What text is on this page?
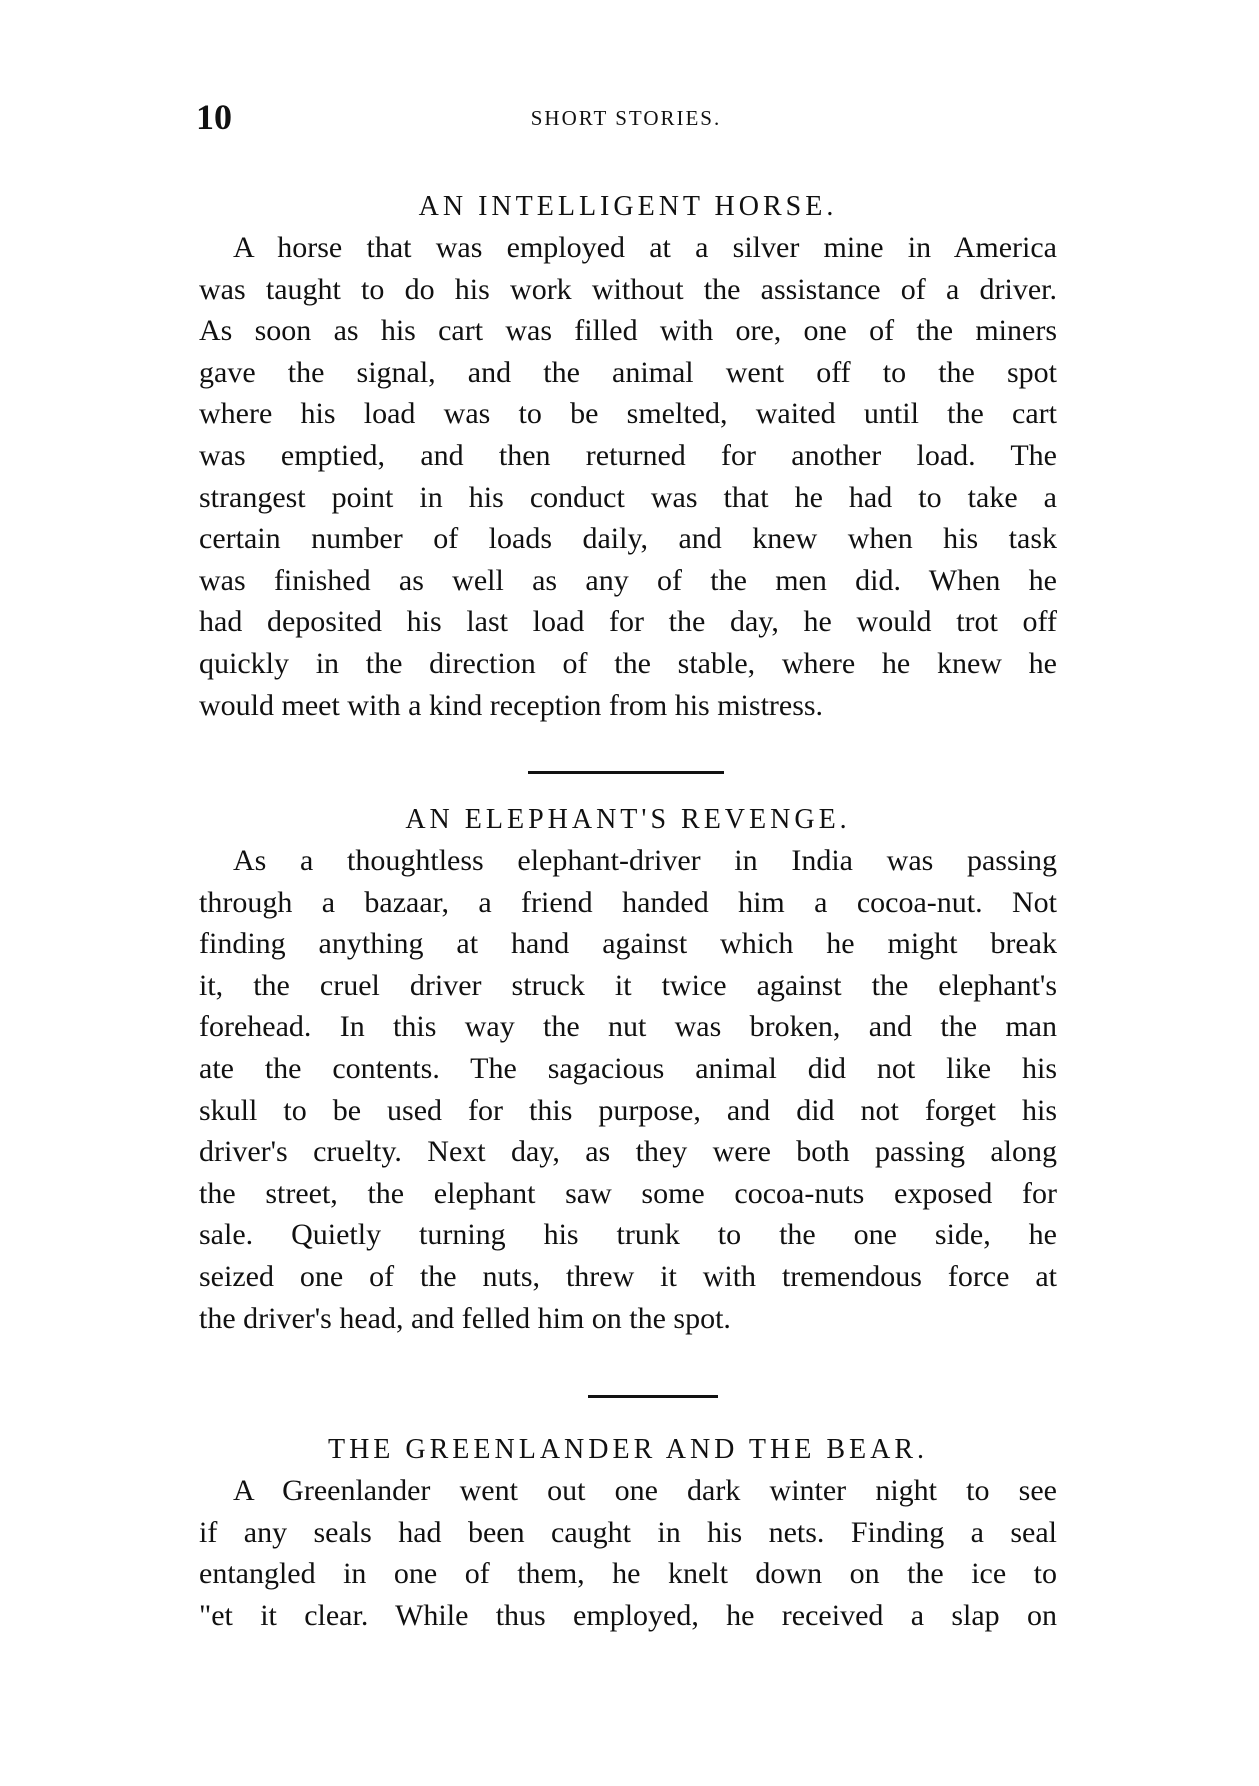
10	SHORT STORIES.
AN INTELLIGENT HORSE.
A horse that was employed at a silver mine in America
was taught to do his work without the assistance of a driver.
As soon as his cart was filled with ore, one of the miners
gave the signal, and the animal went off to the spot
where his load was to be smelted, waited until the cart
was emptied, and then returned for another load. The
strangest point in his conduct was that he had to take a
certain number of loads daily, and knew when his task
was finished as well as any of the men did. When he
had deposited his last load for the day, he would trot off
quickly in the direction of the stable, where he knew he
would meet with a kind reception from his mistress.
AN ELEPHANT'S REVENGE.
As a thoughtless elephant-driver in India was passing
through a bazaar, a friend handed him a cocoa-nut. Not
finding anything at hand against which he might break
it, the cruel driver struck it twice against the elephant's
forehead. In this way the nut was broken, and the man
ate the contents. The sagacious animal did not like his
skull to be used for this purpose, and did not forget his
driver's cruelty. Next day, as they were both passing along
the street, the elephant saw some cocoa-nuts exposed for
sale. Quietly turning his trunk to the one side, he
seized one of the nuts, threw it with tremendous force at
the driver's head, and felled him on the spot.
THE GREENLANDER AND THE BEAR.
A Greenlander went out one dark winter night to see
if any seals had been caught in his nets. Finding a seal
entangled in one of them, he knelt down on the ice to
"et it clear. While thus employed, he received a slap on
